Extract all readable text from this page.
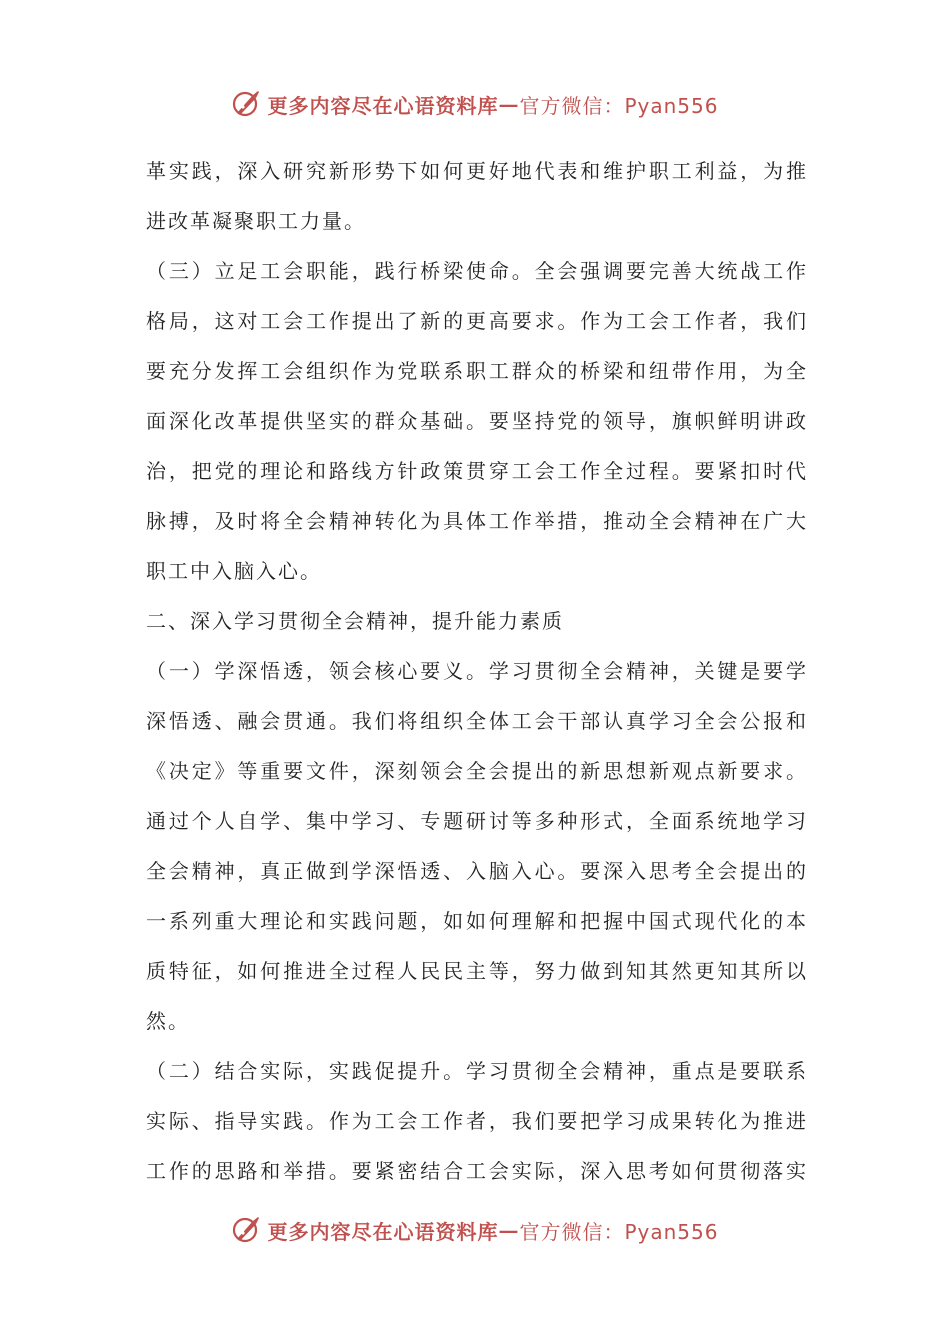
更多内容尽在心语资料库 — 官方微信：Pyan556
革实践，深入研究新形势下如何更好地代表和维护职工利益，为推
进改革凝聚职工力量。
（三）立足工会职能，践行桥梁使命。全会强调要完善大统战工作
格局，这对工会工作提出了新的更高要求。作为工会工作者，我们
要充分发挥工会组织作为党联系职工群众的桥梁和纽带作用，为全
面深化改革提供坚实的群众基础。要坚持党的领导，旗帜鲜明讲政
治，把党的理论和路线方针政策贯穿工会工作全过程。要紧扣时代
脉搏，及时将全会精神转化为具体工作举措，推动全会精神在广大
职工中入脑入心。
二、深入学习贯彻全会精神，提升能力素质
（一）学深悟透，领会核心要义。学习贯彻全会精神，关键是要学
深悟透、融会贯通。我们将组织全体工会干部认真学习全会公报和
《决定》等重要文件，深刻领会全会提出的新思想新观点新要求。
通过个人自学、集中学习、专题研讨等多种形式，全面系统地学习
全会精神，真正做到学深悟透、入脑入心。要深入思考全会提出的
一系列重大理论和实践问题，如如何理解和把握中国式现代化的本
质特征，如何推进全过程人民民主等，努力做到知其然更知其所以
然。
（二）结合实际，实践促提升。学习贯彻全会精神，重点是要联系
实际、指导实践。作为工会工作者，我们要把学习成果转化为推进
工作的思路和举措。要紧密结合工会实际，深入思考如何贯彻落实
更多内容尽在心语资料库 — 官方微信：Pyan556
